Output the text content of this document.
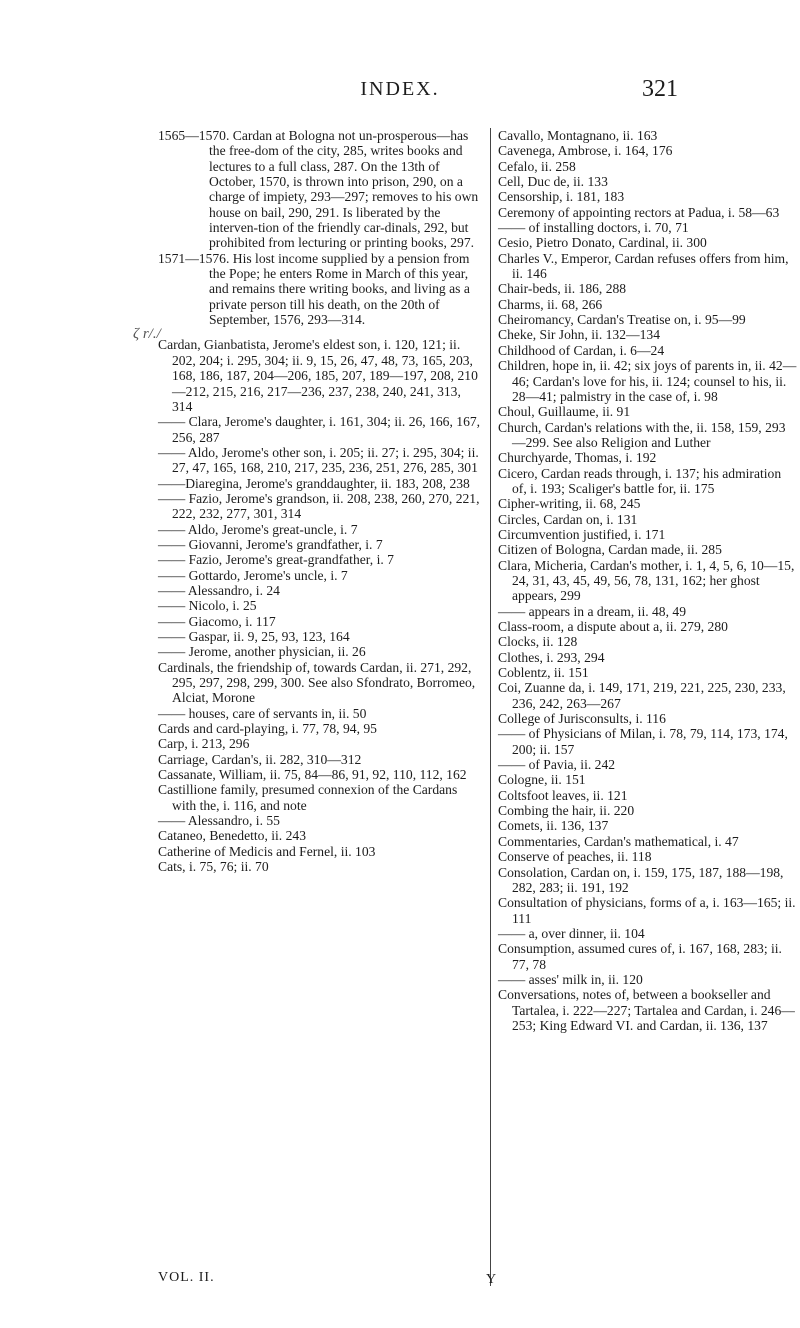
INDEX.	321
ζ r/./

1565—1570. Cardan at Bologna not un-prosperous—has the free-dom of the city, 285, writes books and lectures to a full class, 287. On the 13th of October, 1570, is thrown into prison, 290, on a charge of impiety, 293—297; removes to his own house on bail, 290, 291. Is liberated by the interven-tion of the friendly car-dinals, 292, but prohibited from lecturing or printing books, 297.

1571—1576. His lost income supplied by a pension from the Pope; he enters Rome in March of this year, and remains there writing books, and living as a private person till his death, on the 20th of September, 1576, 293—314.

Cardan, Gianbatista, Jerome's eldest son, i. 120, 121; ii. 202, 204; i. 295, 304; ii. 9, 15, 26, 47, 48, 73, 165, 203, 168, 186, 187, 204—206, 185, 207, 189—197, 208, 210—212, 215, 216, 217—236, 237, 238, 240, 241, 313, 314

—— Clara, Jerome's daughter, i. 161, 304; ii. 26, 166, 167, 256, 287

—— Aldo, Jerome's other son, i. 205; ii. 27; i. 295, 304; ii. 27, 47, 165, 168, 210, 217, 235, 236, 251, 276, 285, 301

——Diaregina, Jerome's granddaughter, ii. 183, 208, 238

—— Fazio, Jerome's grandson, ii. 208, 238, 260, 270, 221, 222, 232, 277, 301, 314

—— Aldo, Jerome's great-uncle, i. 7

—— Giovanni, Jerome's grandfather, i. 7

—— Fazio, Jerome's great-grandfather, i. 7

—— Gottardo, Jerome's uncle, i. 7

—— Alessandro, i. 24

—— Nicolo, i. 25

—— Giacomo, i. 117

—— Gaspar, ii. 9, 25, 93, 123, 164

—— Jerome, another physician, ii. 26

Cardinals, the friendship of, towards Cardan, ii. 271, 292, 295, 297, 298, 299, 300. See also Sfondrato, Borromeo, Alciat, Morone

—— houses, care of servants in, ii. 50

Cards and card-playing, i. 77, 78, 94, 95

Carp, i. 213, 296

Carriage, Cardan's, ii. 282, 310—312

Cassanate, William, ii. 75, 84—86, 91, 92, 110, 112, 162

Castillione family, presumed connexion of the Cardans with the, i. 116, and note

—— Alessandro, i. 55

Cataneo, Benedetto, ii. 243

Catherine of Medicis and Fernel, ii. 103

Cats, i. 75, 76; ii. 70

Cavallo, Montagnano, ii. 163

Cavenega, Ambrose, i. 164, 176

Cefalo, ii. 258

Cell, Duc de, ii. 133

Censorship, i. 181, 183

Ceremony of appointing rectors at Padua, i. 58—63

—— of installing doctors, i. 70, 71

Cesio, Pietro Donato, Cardinal, ii. 300

Charles V., Emperor, Cardan refuses offers from him, ii. 146

Chair-beds, ii. 186, 288

Charms, ii. 68, 266

Cheiromancy, Cardan's Treatise on, i. 95—99

Cheke, Sir John, ii. 132—134

Childhood of Cardan, i. 6—24

Children, hope in, ii. 42; six joys of parents in, ii. 42—46; Cardan's love for his, ii. 124; counsel to his, ii. 28—41; palmistry in the case of, i. 98

Choul, Guillaume, ii. 91

Church, Cardan's relations with the, ii. 158, 159, 293—299. See also Religion and Luther

Churchyarde, Thomas, i. 192

Cicero, Cardan reads through, i. 137; his admiration of, i. 193; Scaliger's battle for, ii. 175

Cipher-writing, ii. 68, 245

Circles, Cardan on, i. 131

Circumvention justified, i. 171

Citizen of Bologna, Cardan made, ii. 285

Clara, Micheria, Cardan's mother, i. 1, 4, 5, 6, 10—15, 24, 31, 43, 45, 49, 56, 78, 131, 162; her ghost appears, 299

—— appears in a dream, ii. 48, 49

Class-room, a dispute about a, ii. 279, 280

Clocks, ii. 128

Clothes, i. 293, 294

Coblentz, ii. 151

Coi, Zuanne da, i. 149, 171, 219, 221, 225, 230, 233, 236, 242, 263—267

College of Jurisconsults, i. 116

—— of Physicians of Milan, i. 78, 79, 114, 173, 174, 200; ii. 157

—— of Pavia, ii. 242

Cologne, ii. 151

Coltsfoot leaves, ii. 121

Combing the hair, ii. 220

Comets, ii. 136, 137

Commentaries, Cardan's mathematical, i. 47

Conserve of peaches, ii. 118

Consolation, Cardan on, i. 159, 175, 187, 188—198, 282, 283; ii. 191, 192

Consultation of physicians, forms of a, i. 163—165; ii. 111

—— a, over dinner, ii. 104

Consumption, assumed cures of, i. 167, 168, 283; ii. 77, 78

—— asses' milk in, ii. 120

Conversations, notes of, between a bookseller and Tartalea, i. 222—227; Tartalea and Cardan, i. 246—253; King Edward VI. and Cardan, ii. 136, 137

VOL. II.	Y
